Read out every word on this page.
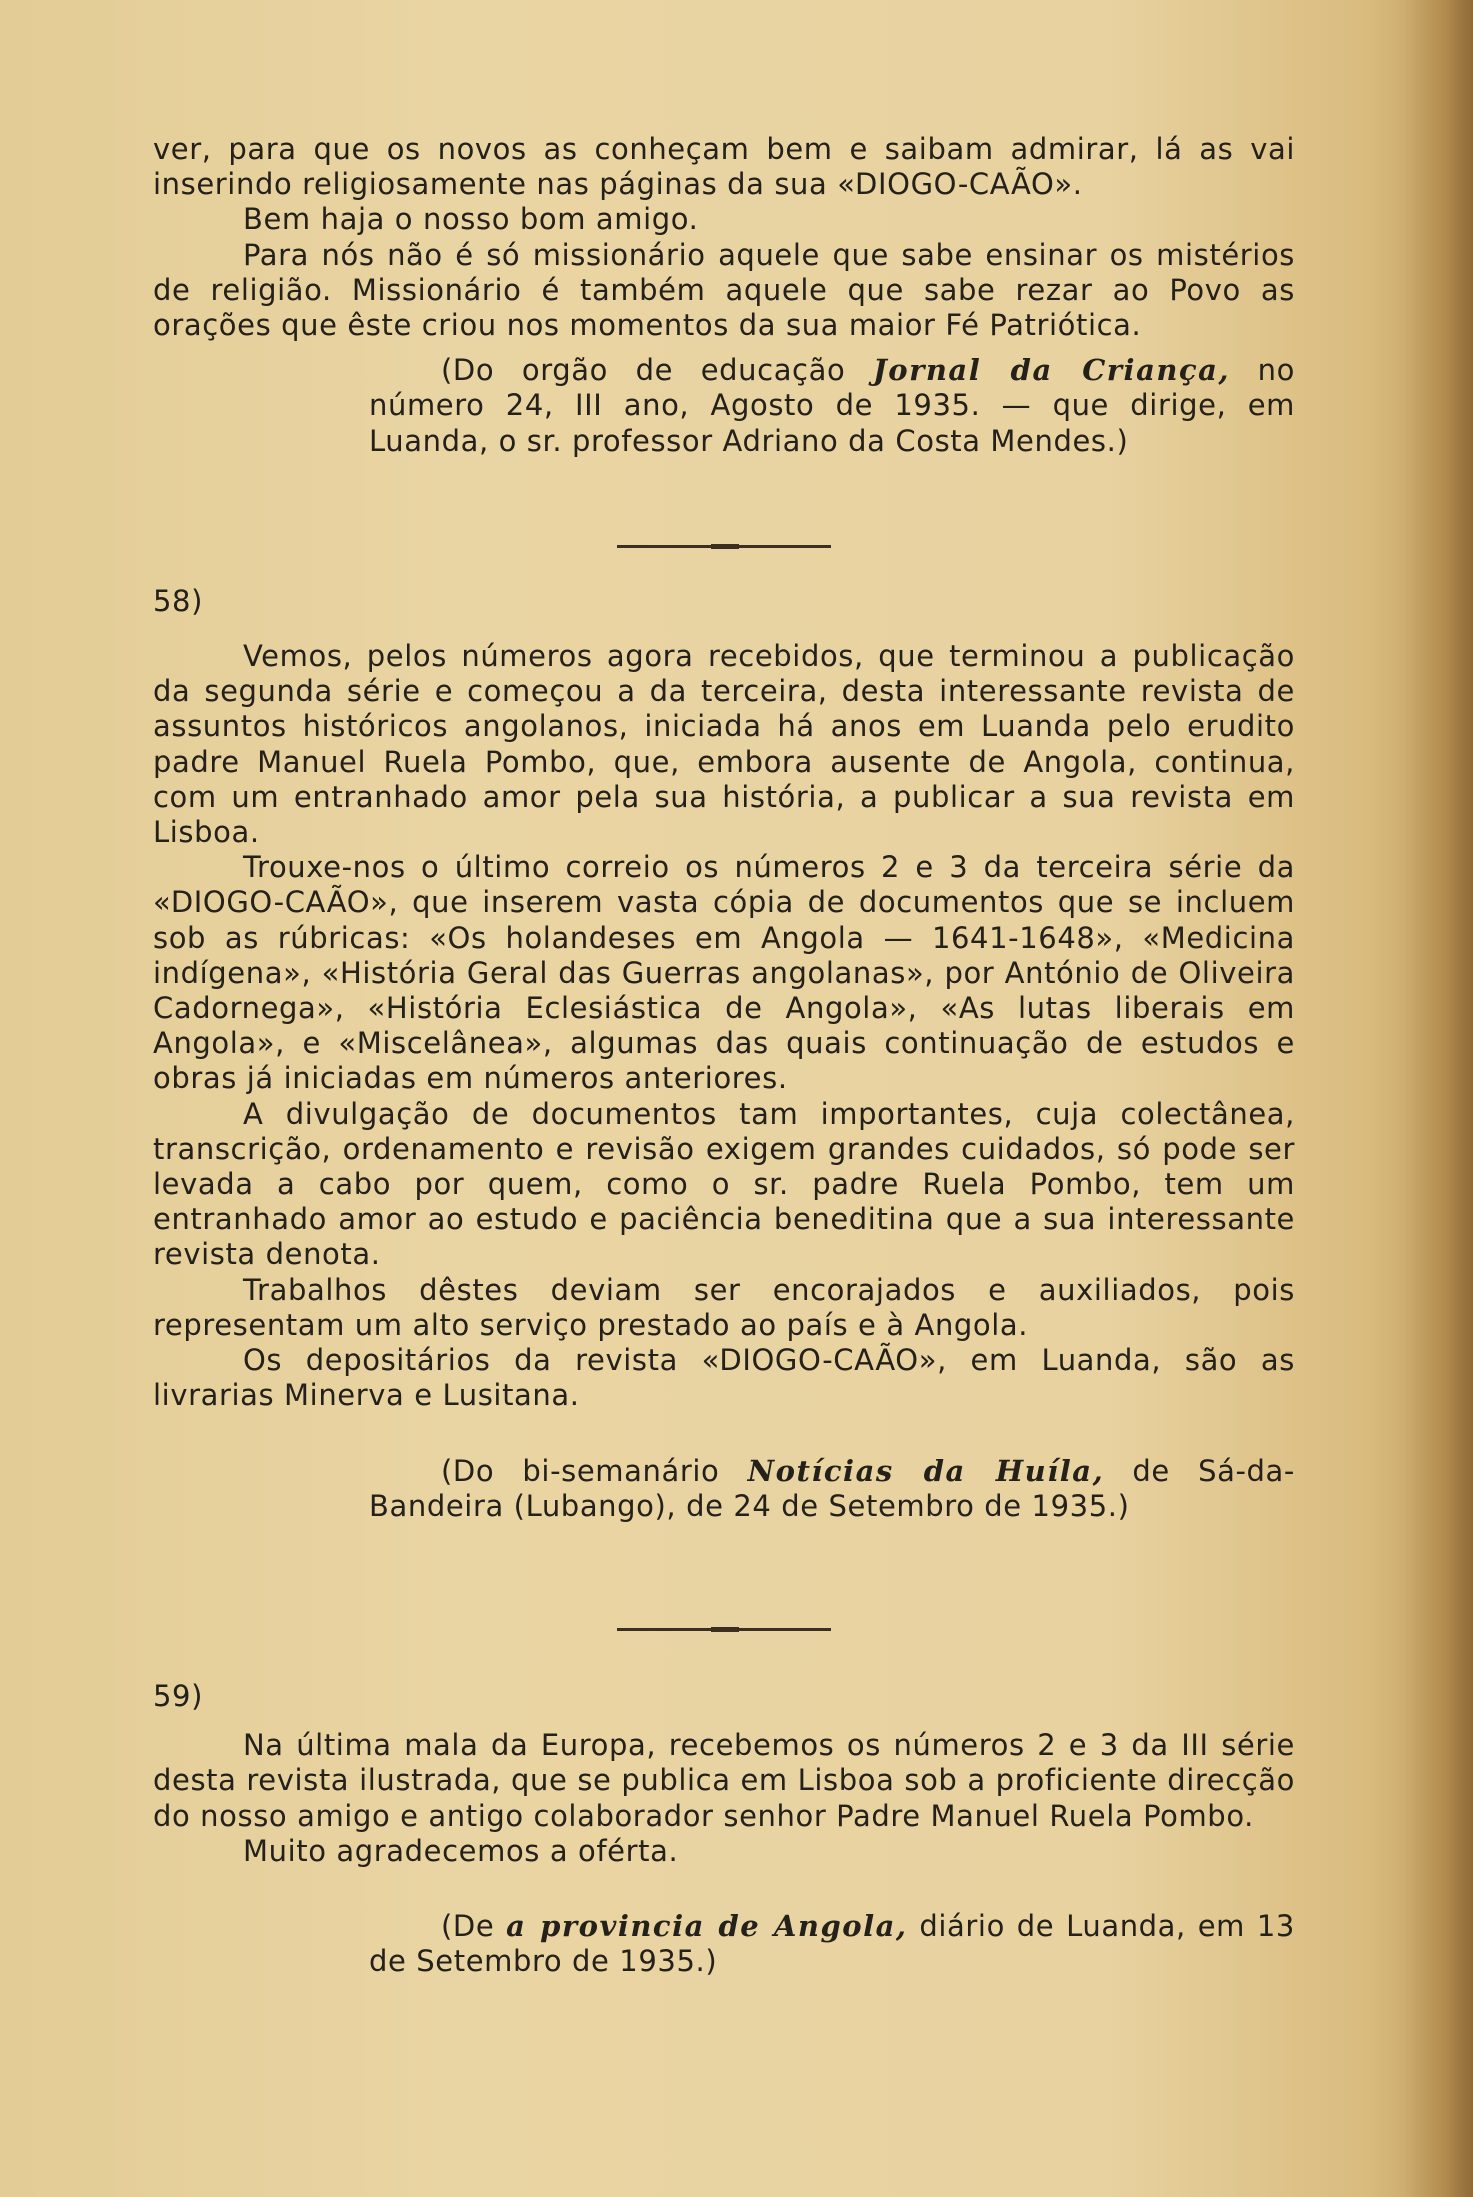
ver, para que os novos as conheçam bem e saibam admirar, lá as vai inserindo religiosamente nas páginas da sua «DIOGO-CAÃO».

Bem haja o nosso bom amigo.

Para nós não é só missionário aquele que sabe ensinar os mistérios de religião. Missionário é também aquele que sabe rezar ao Povo as orações que êste criou nos momentos da sua maior Fé Patriótica.

(Do orgão de educação Jornal da Criança, no número 24, III ano, Agosto de 1935. — que dirige, em Luanda, o sr. professor Adriano da Costa Mendes.)

58)

Vemos, pelos números agora recebidos, que terminou a publicação da segunda série e começou a da terceira, desta interessante revista de assuntos históricos angolanos, iniciada há anos em Luanda pelo erudito padre Manuel Ruela Pombo, que, embora ausente de Angola, continua, com um entranhado amor pela sua história, a publicar a sua revista em Lisboa.

Trouxe-nos o último correio os números 2 e 3 da terceira série da «DIOGO-CAÃO», que inserem vasta cópia de documentos que se incluem sob as rúbricas: «Os holandeses em Angola — 1641-1648», «Medicina indígena», «História Geral das Guerras angolanas», por António de Oliveira Cadornega», «História Eclesiástica de Angola», «As lutas liberais em Angola», e «Miscelânea», algumas das quais continuação de estudos e obras já iniciadas em números anteriores.

A divulgação de documentos tam importantes, cuja colectânea, transcrição, ordenamento e revisão exigem grandes cuidados, só pode ser levada a cabo por quem, como o sr. padre Ruela Pombo, tem um entranhado amor ao estudo e paciência beneditina que a sua interessante revista denota.

Trabalhos dêstes deviam ser encorajados e auxiliados, pois representam um alto serviço prestado ao país e à Angola.

Os depositários da revista «DIOGO-CAÃO», em Luanda, são as livrarias Minerva e Lusitana.

(Do bi-semanário Notícias da Huíla, de Sá-da-Bandeira (Lubango), de 24 de Setembro de 1935.)

59)

Na última mala da Europa, recebemos os números 2 e 3 da III série desta revista ilustrada, que se publica em Lisboa sob a proficiente direcção do nosso amigo e antigo colaborador senhor Padre Manuel Ruela Pombo.

Muito agradecemos a oférta.

(De a provincia de Angola, diário de Luanda, em 13 de Setembro de 1935.)
